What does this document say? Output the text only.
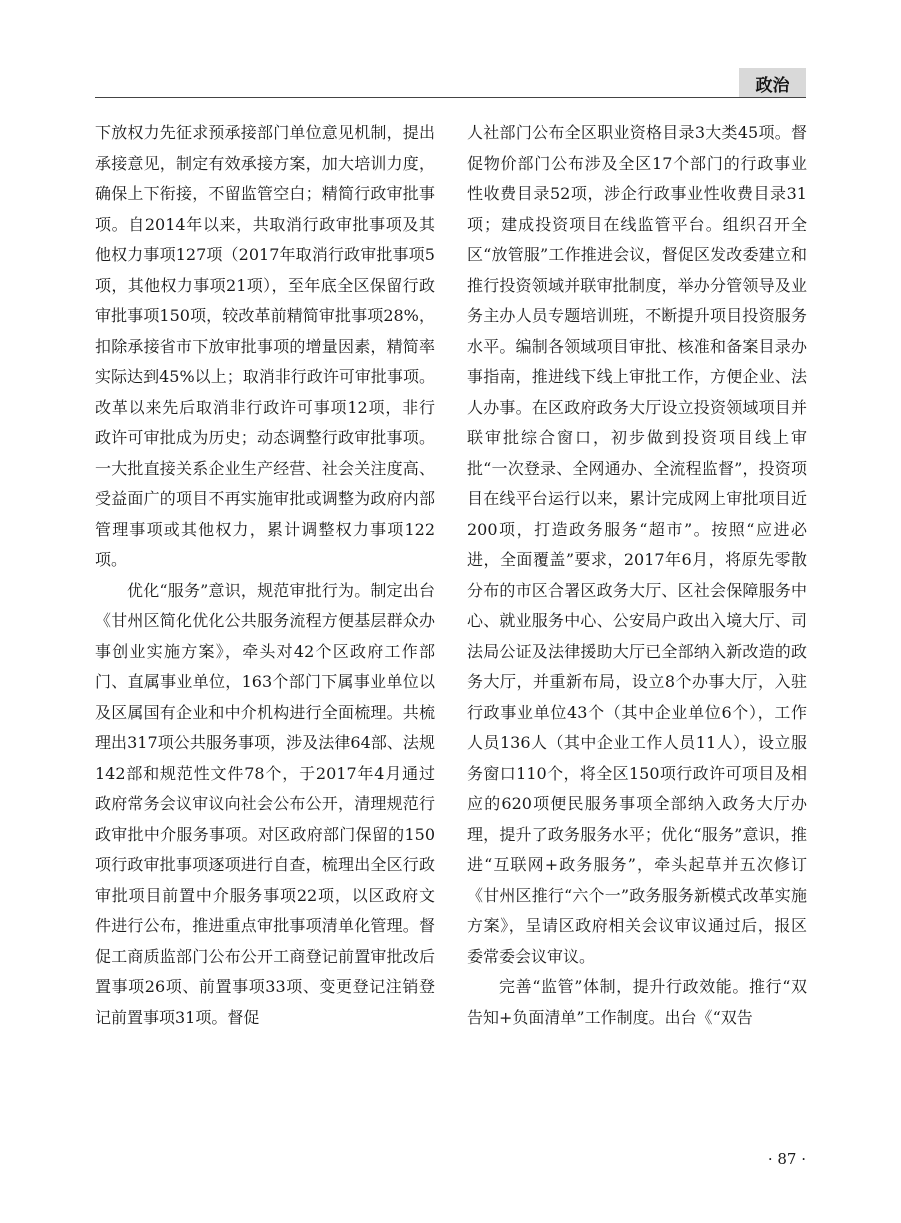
政治

下放权力先征求预承接部门单位意见机制，提出承接意见，制定有效承接方案，加大培训力度，确保上下衔接，不留监管空白；精简行政审批事项。自2014年以来，共取消行政审批事项及其他权力事项127项（2017年取消行政审批事项5项，其他权力事项21项），至年底全区保留行政审批事项150项，较改革前精简审批事项28%，扣除承接省市下放审批事项的增量因素，精简率实际达到45%以上；取消非行政许可审批事项。改革以来先后取消非行政许可事项12项，非行政许可审批成为历史；动态调整行政审批事项。一大批直接关系企业生产经营、社会关注度高、受益面广的项目不再实施审批或调整为政府内部管理事项或其他权力，累计调整权力事项122项。

优化“服务”意识，规范审批行为。制定出台《甘州区简化优化公共服务流程方便基层群众办事创业实施方案》，牵头对42个区政府工作部门、直属事业单位，163个部门下属事业单位以及区属国有企业和中介机构进行全面梳理。共梳理出317项公共服务事项，涉及法律64部、法规142部和规范性文件78个，于2017年4月通过政府常务会议审议向社会公布公开，清理规范行政审批中介服务事项。对区政府部门保留的150项行政审批事项逐项进行自查，梳理出全区行政审批项目前置中介服务事项22项，以区政府文件进行公布，推进重点审批事项清单化管理。督促工商质监部门公布公开工商登记前置审批改后置事项26项、前置事项33项、变更登记注销登记前置事项31项。督促

人社部门公布全区职业资格目录3大类45项。督促物价部门公布涉及全区17个部门的行政事业性收费目录52项，涉企行政事业性收费目录31项；建成投资项目在线监管平台。组织召开全区“放管服”工作推进会议，督促区发改委建立和推行投资领域并联审批制度，举办分管领导及业务主办人员专题培训班，不断提升项目投资服务水平。编制各领域项目审批、核准和备案目录办事指南，推进线下线上审批工作，方便企业、法人办事。在区政府政务大厅设立投资领域项目并联审批综合窗口，初步做到投资项目线上审批“一次登录、全网通办、全流程监督”，投资项目在线平台运行以来，累计完成网上审批项目近200项，打造政务服务“超市”。按照“应进必进，全面覆盖”要求，2017年6月，将原先零散分布的市区合署区政务大厅、区社会保障服务中心、就业服务中心、公安局户政出入境大厅、司法局公证及法律援助大厅已全部纳入新改造的政务大厅，并重新布局，设立8个办事大厅，入驻行政事业单位43个（其中企业单位6个），工作人员136人（其中企业工作人员11人），设立服务窗口110个，将全区150项行政许可项目及相应的620项便民服务事项全部纳入政务大厅办理，提升了政务服务水平；优化“服务”意识，推进“互联网+政务服务”，牵头起草并五次修订《甘州区推行“六个一”政务服务新模式改革实施方案》，呈请区政府相关会议审议通过后，报区委常委会议审议。

完善“监管”体制，提升行政效能。推行“双告知+负面清单”工作制度。出台《“双告

· 87 ·
